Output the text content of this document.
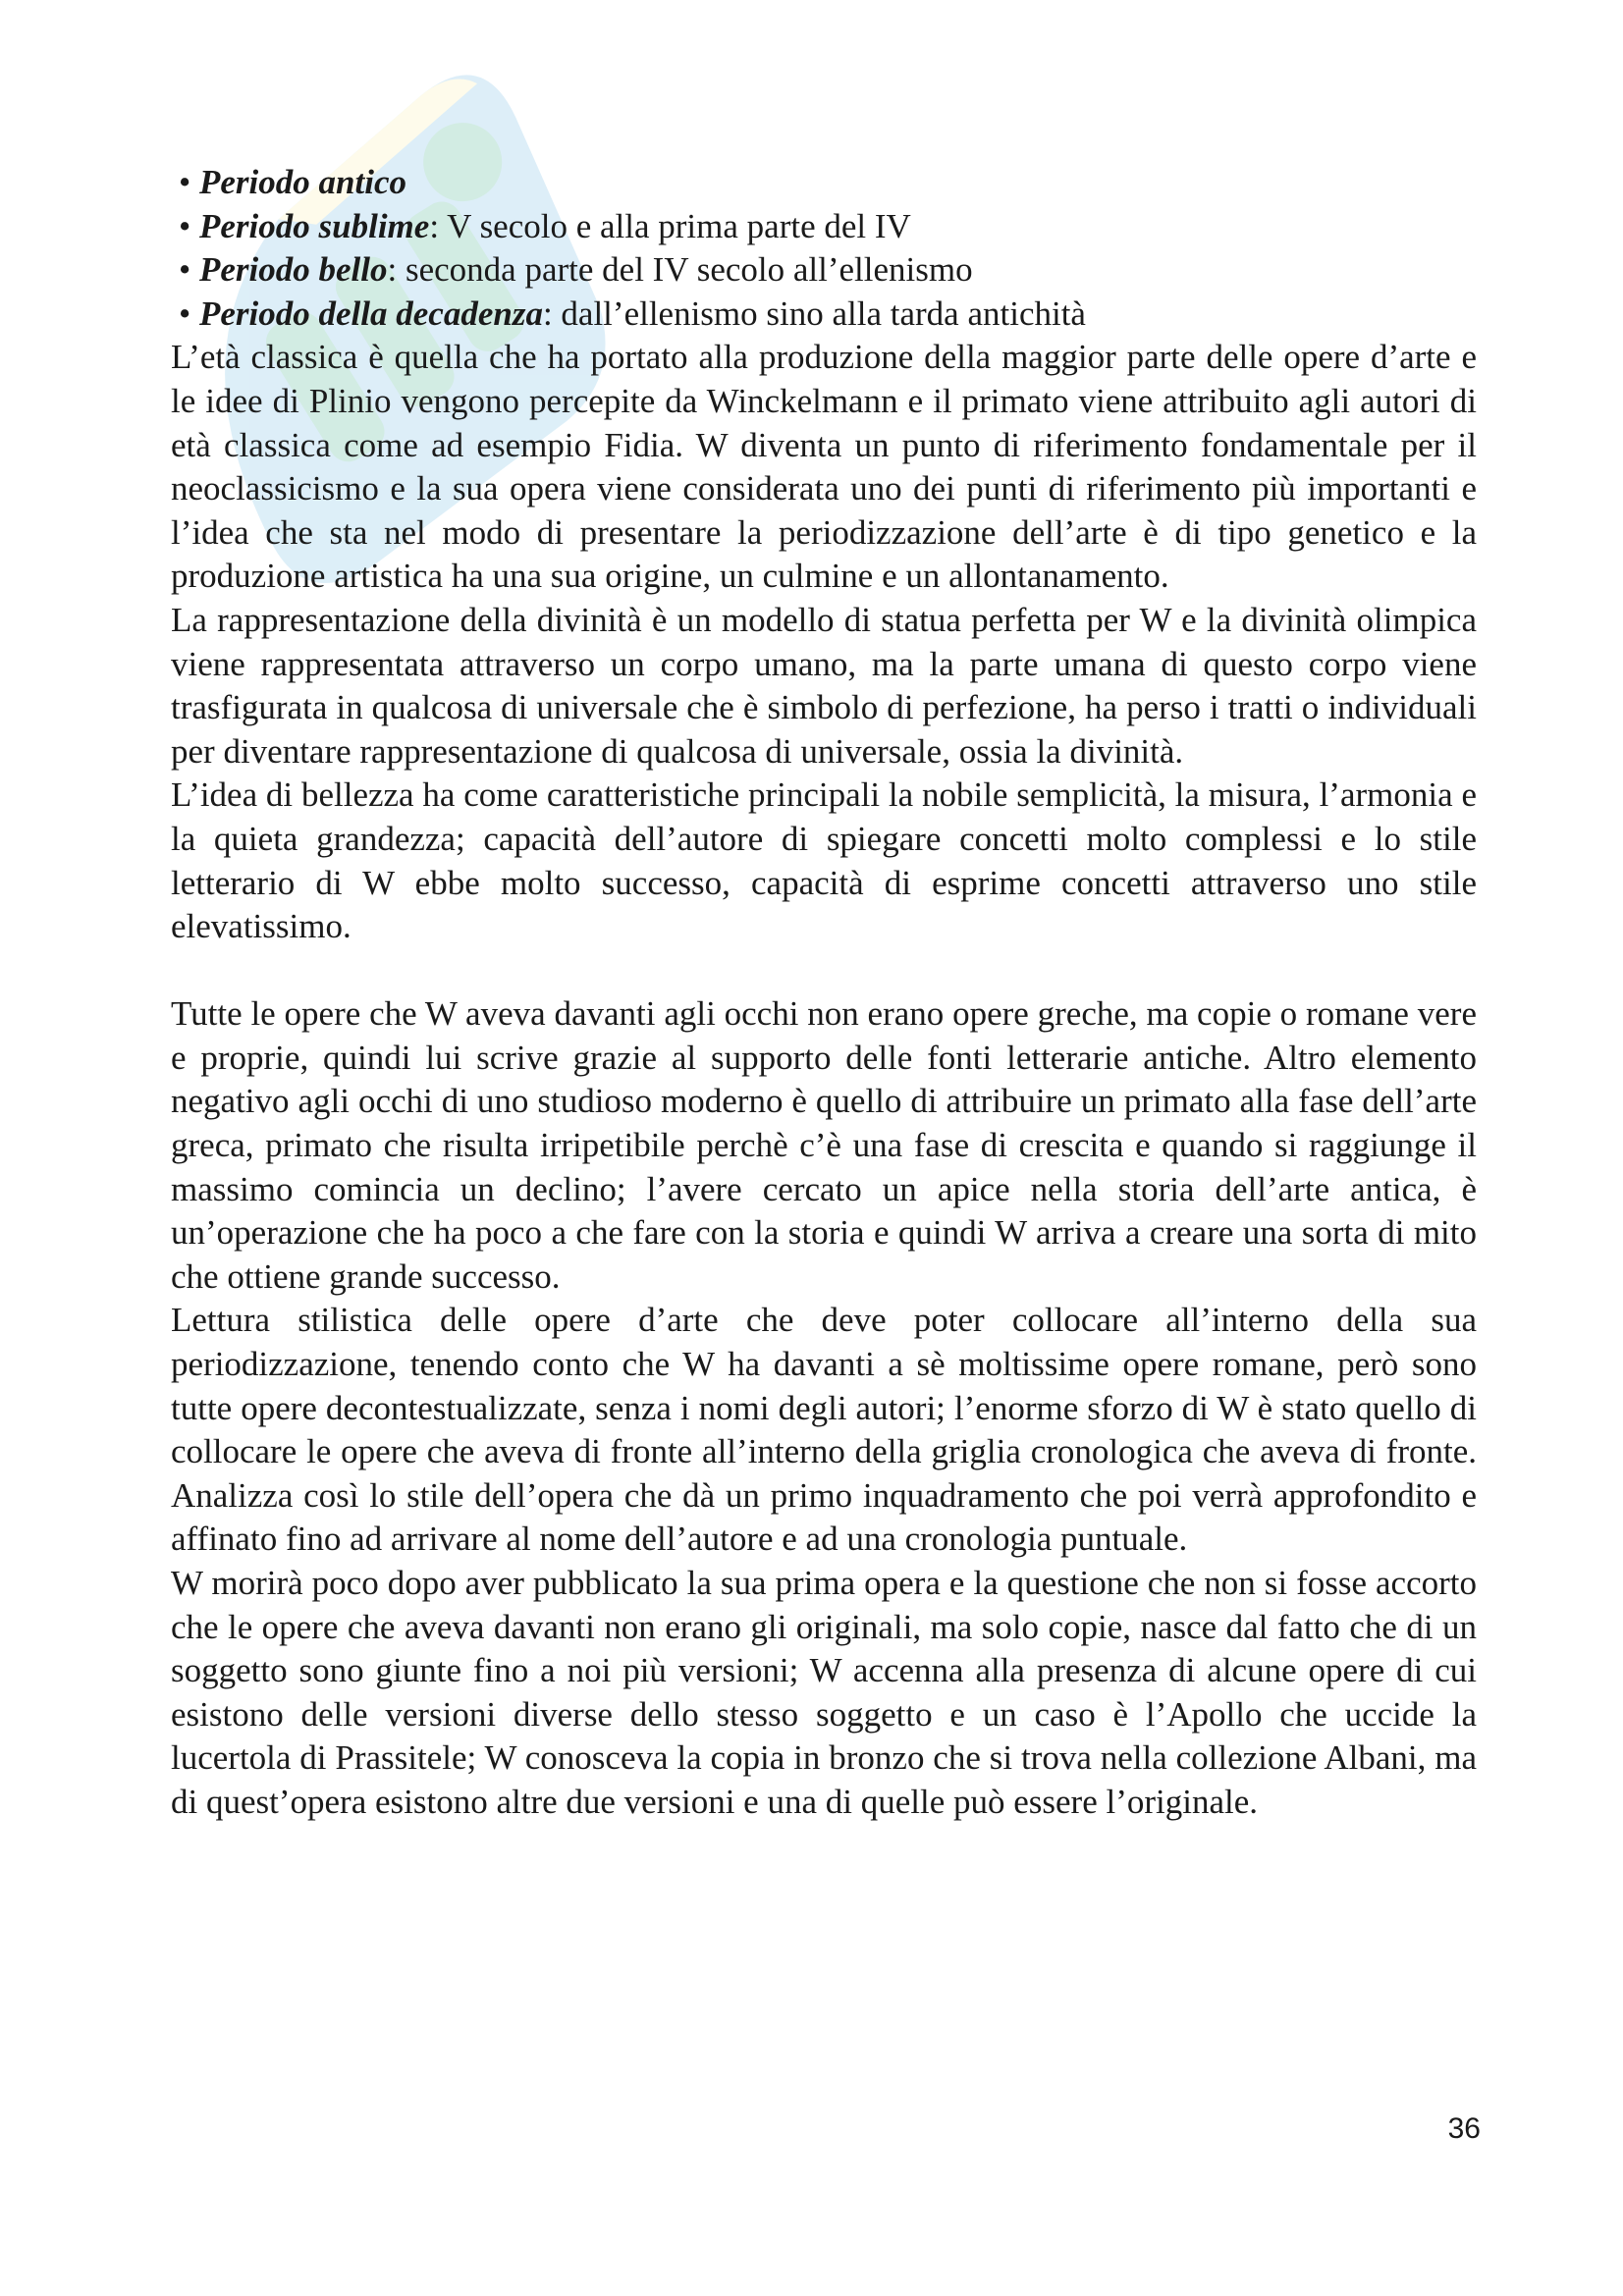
• Periodo antico
• Periodo sublime: V secolo e alla prima parte del IV
• Periodo bello: seconda parte del IV secolo all’ellenismo
• Periodo della decadenza: dall’ellenismo sino alla tarda antichità

L’età classica è quella che ha portato alla produzione della maggior parte delle opere d’arte e le idee di Plinio vengono percepite da Winckelmann e il primato viene attribuito agli autori di età classica come ad esempio Fidia. W diventa un punto di riferimento fondamentale per il neoclassicismo e la sua opera viene considerata uno dei punti di riferimento più importanti e l’idea che sta nel modo di presentare la periodizzazione dell’arte è di tipo genetico e la produzione artistica ha una sua origine, un culmine e un allontanamento.

La rappresentazione della divinità è un modello di statua perfetta per W e la divinità olimpica viene rappresentata attraverso un corpo umano, ma la parte umana di questo corpo viene trasfigurata in qualcosa di universale che è simbolo di perfezione, ha perso i tratti o individuali per diventare rappresentazione di qualcosa di universale, ossia la divinità.

L’idea di bellezza ha come caratteristiche principali la nobile semplicità, la misura, l’armonia e la quieta grandezza; capacità dell’autore di spiegare concetti molto complessi e lo stile letterario di W ebbe molto successo, capacità di esprime concetti attraverso uno stile elevatissimo.

Tutte le opere che W aveva davanti agli occhi non erano opere greche, ma copie o romane vere e proprie, quindi lui scrive grazie al supporto delle fonti letterarie antiche. Altro elemento negativo agli occhi di uno studioso moderno è quello di attribuire un primato alla fase dell’arte greca, primato che risulta irripetibile perchè c’è una fase di crescita e quando si raggiunge il massimo comincia un declino; l’avere cercato un apice nella storia dell’arte antica, è un’operazione che ha poco a che fare con la storia e quindi W arriva a creare una sorta di mito che ottiene grande successo.

Lettura stilistica delle opere d’arte che deve poter collocare all’interno della sua periodizzazione, tenendo conto che W ha davanti a sè moltissime opere romane, però sono tutte opere decontestualizzate, senza i nomi degli autori; l’enorme sforzo di W è stato quello di collocare le opere che aveva di fronte all’interno della griglia cronologica che aveva di fronte. Analizza così lo stile dell’opera che dà un primo inquadramento che poi verrà approfondito e affinato fino ad arrivare al nome dell’autore e ad una cronologia puntuale.

W morirà poco dopo aver pubblicato la sua prima opera e la questione che non si fosse accorto che le opere che aveva davanti non erano gli originali, ma solo copie, nasce dal fatto che di un soggetto sono giunte fino a noi più versioni; W accenna alla presenza di alcune opere di cui esistono delle versioni diverse dello stesso soggetto e un caso è l’Apollo che uccide la lucertola di Prassitele; W conosceva la copia in bronzo che si trova nella collezione Albani, ma di quest’opera esistono altre due versioni e una di quelle può essere l’originale.

36
